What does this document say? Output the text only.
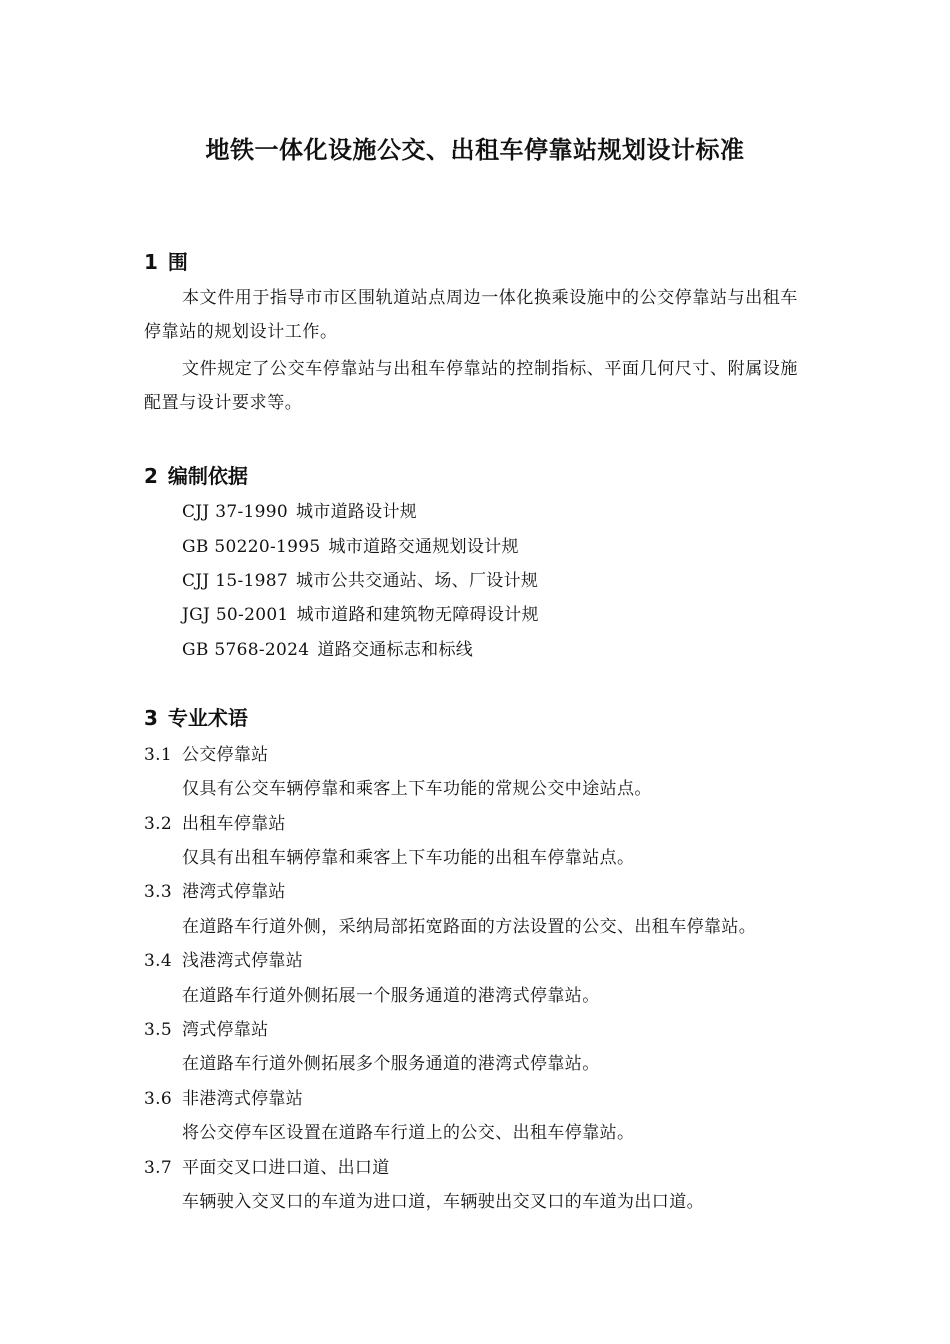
地铁一体化设施公交、出租车停靠站规划设计标准
1 围

本文件用于指导市市区围轨道站点周边一体化换乘设施中的公交停靠站与出租车停靠站的规划设计工作。

文件规定了公交车停靠站与出租车停靠站的控制指标、平面几何尺寸、附属设施配置与设计要求等。

2 编制依据

CJJ 37-1990 城市道路设计规

GB 50220-1995 城市道路交通规划设计规

CJJ 15-1987 城市公共交通站、场、厂设计规

JGJ 50-2001 城市道路和建筑物无障碍设计规

GB 5768-2024 道路交通标志和标线

3 专业术语

3.1 公交停靠站

仅具有公交车辆停靠和乘客上下车功能的常规公交中途站点。

3.2 出租车停靠站

仅具有出租车辆停靠和乘客上下车功能的出租车停靠站点。

3.3 港湾式停靠站

在道路车行道外侧，采纳局部拓宽路面的方法设置的公交、出租车停靠站。

3.4 浅港湾式停靠站

在道路车行道外侧拓展一个服务通道的港湾式停靠站。

3.5 湾式停靠站

在道路车行道外侧拓展多个服务通道的港湾式停靠站。

3.6 非港湾式停靠站

将公交停车区设置在道路车行道上的公交、出租车停靠站。

3.7 平面交叉口进口道、出口道

车辆驶入交叉口的车道为进口道，车辆驶出交叉口的车道为出口道。
